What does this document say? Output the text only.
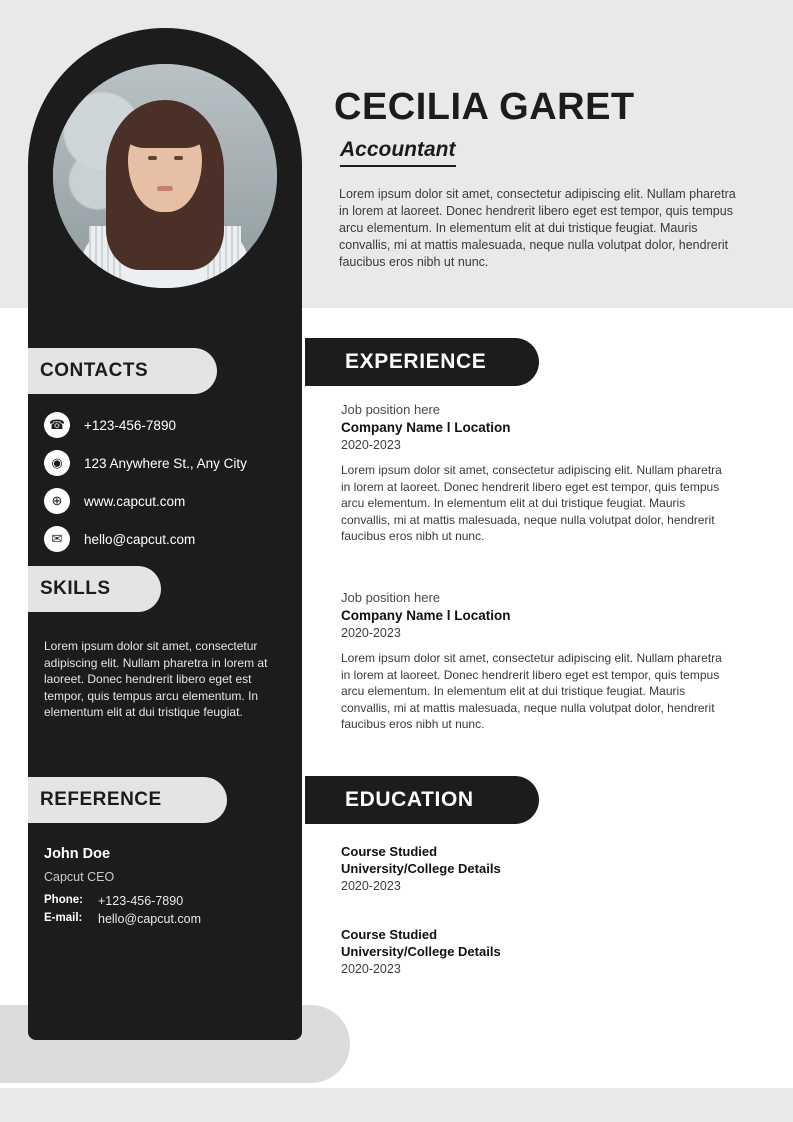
CECILIA GARET
Accountant
Lorem ipsum dolor sit amet, consectetur adipiscing elit. Nullam pharetra in lorem at laoreet. Donec hendrerit libero eget est tempor, quis tempus arcu elementum. In elementum elit at dui tristique feugiat. Mauris convallis, mi at mattis malesuada, neque nulla volutpat dolor, hendrerit faucibus eros nibh ut nunc.
CONTACTS
☎	+123-456-7890
◉	123 Anywhere St., Any City
⊕	www.capcut.com
✉	hello@capcut.com
SKILLS
Lorem ipsum dolor sit amet, consectetur adipiscing elit. Nullam pharetra in lorem at laoreet. Donec hendrerit libero eget est tempor, quis tempus arcu elementum. In elementum elit at dui tristique feugiat.
REFERENCE
John Doe
Capcut CEO
Phone:	+123-456-7890
E-mail:	hello@capcut.com
EXPERIENCE
Job position here
Company Name l Location
2020-2023
Lorem ipsum dolor sit amet, consectetur adipiscing elit. Nullam pharetra in lorem at laoreet. Donec hendrerit libero eget est tempor, quis tempus arcu elementum. In elementum elit at dui tristique feugiat. Mauris convallis, mi at mattis malesuada, neque nulla volutpat dolor, hendrerit faucibus eros nibh ut nunc.
Job position here
Company Name l Location
2020-2023
Lorem ipsum dolor sit amet, consectetur adipiscing elit. Nullam pharetra in lorem at laoreet. Donec hendrerit libero eget est tempor, quis tempus arcu elementum. In elementum elit at dui tristique feugiat. Mauris convallis, mi at mattis malesuada, neque nulla volutpat dolor, hendrerit faucibus eros nibh ut nunc.
EDUCATION
Course Studied
University/College Details
2020-2023
Course Studied
University/College Details
2020-2023
